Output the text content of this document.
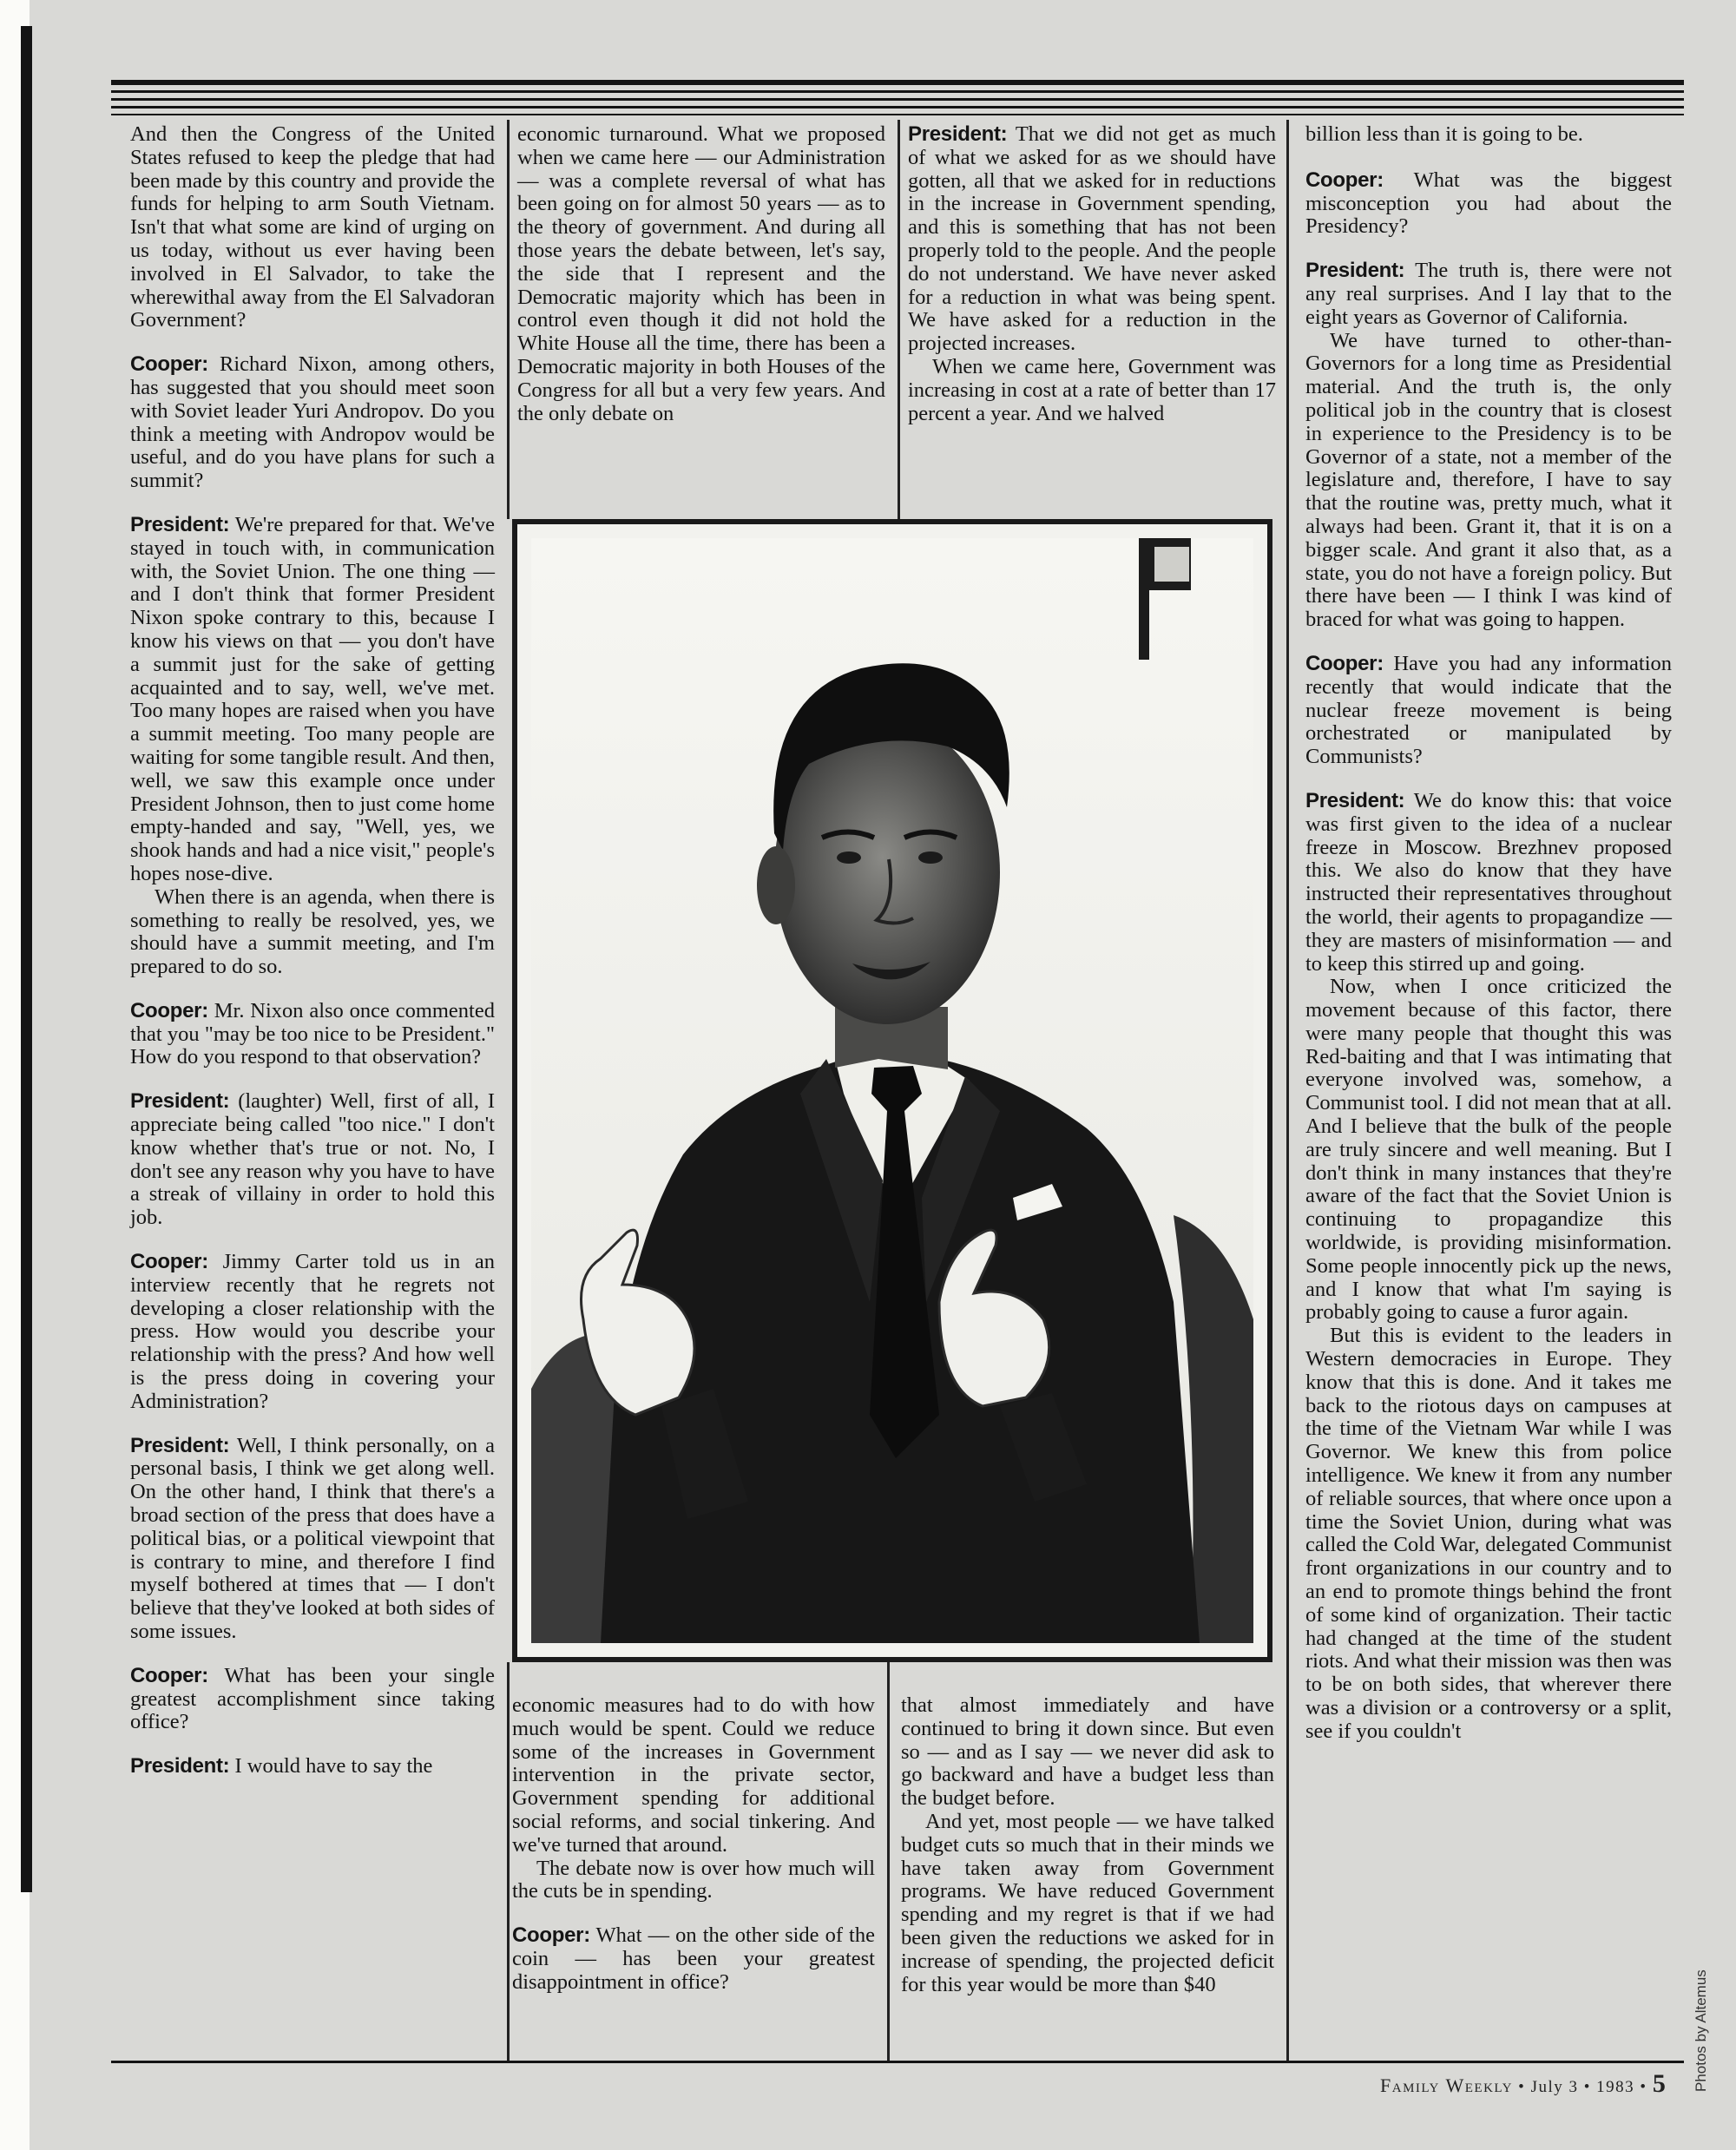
And then the Congress of the United States refused to keep the pledge that had been made by this country and provide the funds for helping to arm South Vietnam. Isn't that what some are kind of urging on us today, without us ever having been involved in El Salvador, to take the wherewithal away from the El Salvadoran Government?

Cooper: Richard Nixon, among others, has suggested that you should meet soon with Soviet leader Yuri Andropov. Do you think a meeting with Andropov would be useful, and do you have plans for such a summit?

President: We're prepared for that. We've stayed in touch with, in communication with, the Soviet Union. The one thing — and I don't think that former President Nixon spoke contrary to this, because I know his views on that — you don't have a summit just for the sake of getting acquainted and to say, well, we've met. Too many hopes are raised when you have a summit meeting. Too many people are waiting for some tangible result. And then, well, we saw this example once under President Johnson, then to just come home empty-handed and say, "Well, yes, we shook hands and had a nice visit," people's hopes nose-dive.

When there is an agenda, when there is something to really be resolved, yes, we should have a summit meeting, and I'm prepared to do so.

Cooper: Mr. Nixon also once commented that you "may be too nice to be President." How do you respond to that observation?

President: (laughter) Well, first of all, I appreciate being called "too nice." I don't know whether that's true or not. No, I don't see any reason why you have to have a streak of villainy in order to hold this job.

Cooper: Jimmy Carter told us in an interview recently that he regrets not developing a closer relationship with the press. How would you describe your relationship with the press? And how well is the press doing in covering your Administration?

President: Well, I think personally, on a personal basis, I think we get along well. On the other hand, I think that there's a broad section of the press that does have a political bias, or a political viewpoint that is contrary to mine, and therefore I find myself bothered at times that — I don't believe that they've looked at both sides of some issues.

Cooper: What has been your single greatest accomplishment since taking office?

President: I would have to say the

economic turnaround. What we proposed when we came here — our Administration — was a complete reversal of what has been going on for almost 50 years — as to the theory of government. And during all those years the debate between, let's say, the side that I represent and the Democratic majority which has been in control even though it did not hold the White House all the time, there has been a Democratic majority in both Houses of the Congress for all but a very few years. And the only debate on

President: That we did not get as much of what we asked for as we should have gotten, all that we asked for in reductions in the increase in Government spending, and this is something that has not been properly told to the people. And the people do not understand. We have never asked for a reduction in what was being spent. We have asked for a reduction in the projected increases.

When we came here, Government was increasing in cost at a rate of better than 17 percent a year. And we halved

economic measures had to do with how much would be spent. Could we reduce some of the increases in Government intervention in the private sector, Government spending for additional social reforms, and social tinkering. And we've turned that around.

The debate now is over how much will the cuts be in spending.

Cooper: What — on the other side of the coin — has been your greatest disappointment in office?

that almost immediately and have continued to bring it down since. But even so — and as I say — we never did ask to go backward and have a budget less than the budget before.

And yet, most people — we have talked budget cuts so much that in their minds we have taken away from Government programs. We have reduced Government spending and my regret is that if we had been given the reductions we asked for in increase of spending, the projected deficit for this year would be more than $40

billion less than it is going to be.

Cooper: What was the biggest misconception you had about the Presidency?

President: The truth is, there were not any real surprises. And I lay that to the eight years as Governor of California.

We have turned to other-than-Governors for a long time as Presidential material. And the truth is, the only political job in the country that is closest in experience to the Presidency is to be Governor of a state, not a member of the legislature and, therefore, I have to say that the routine was, pretty much, what it always had been. Grant it, that it is on a bigger scale. And grant it also that, as a state, you do not have a foreign policy. But there have been — I think I was kind of braced for what was going to happen.

Cooper: Have you had any information recently that would indicate that the nuclear freeze movement is being orchestrated or manipulated by Communists?

President: We do know this: that voice was first given to the idea of a nuclear freeze in Moscow. Brezhnev proposed this. We also do know that they have instructed their representatives throughout the world, their agents to propagandize — they are masters of misinformation — and to keep this stirred up and going.

Now, when I once criticized the movement because of this factor, there were many people that thought this was Red-baiting and that I was intimating that everyone involved was, somehow, a Communist tool. I did not mean that at all. And I believe that the bulk of the people are truly sincere and well meaning. But I don't think in many instances that they're aware of the fact that the Soviet Union is continuing to propagandize this worldwide, is providing misinformation. Some people innocently pick up the news, and I know that what I'm saying is probably going to cause a furor again.

But this is evident to the leaders in Western democracies in Europe. They know that this is done. And it takes me back to the riotous days on campuses at the time of the Vietnam War while I was Governor. We knew this from police intelligence. We knew it from any number of reliable sources, that where once upon a time the Soviet Union, during what was called the Cold War, delegated Communist front organizations in our country and to an end to promote things behind the front of some kind of organization. Their tactic had changed at the time of the student riots. And what their mission was then was to be on both sides, that wherever there was a division or a controversy or a split, see if you couldn't

Photos by Altemus
Family Weekly • July 3 • 1983 • 5
